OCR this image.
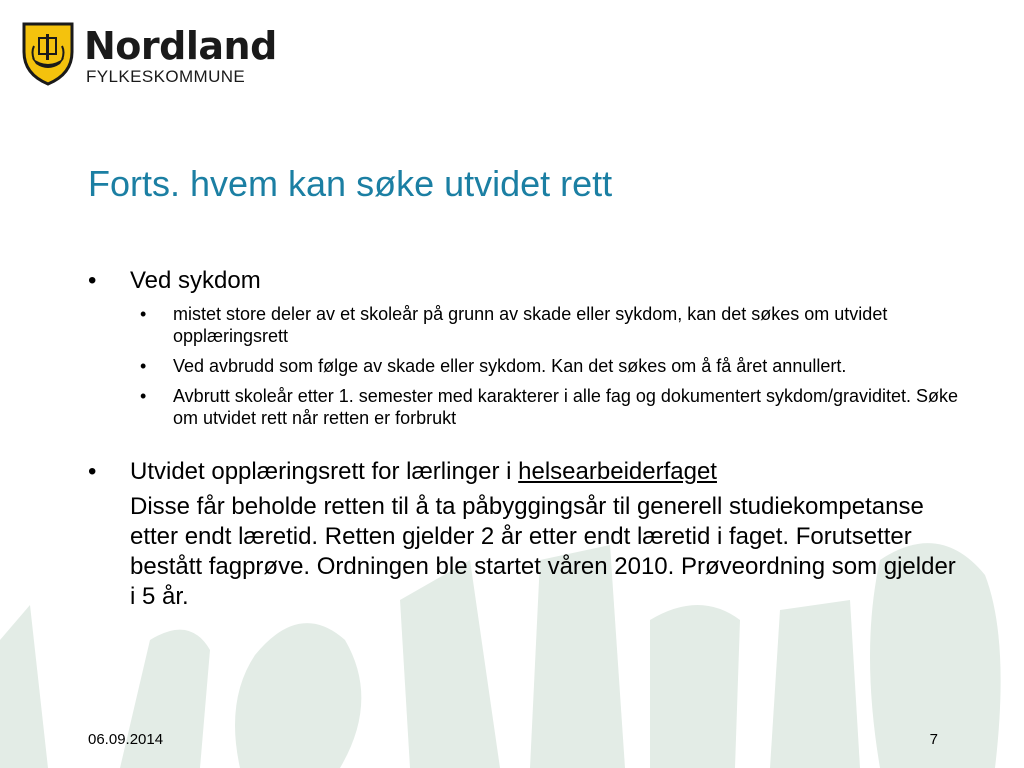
Nordland
FYLKESKOMMUNE
Forts. hvem kan søke utvidet rett
• Ved sykdom
• mistet store deler av et skoleår på grunn av skade eller sykdom, kan det søkes om utvidet opplæringsrett
• Ved avbrudd som følge av skade eller sykdom. Kan det søkes om å få året annullert.
• Avbrutt skoleår etter 1. semester med karakterer i alle fag og dokumentert sykdom/graviditet. Søke om utvidet rett når retten er forbrukt
• Utvidet opplæringsrett for lærlinger i helsearbeiderfaget
Disse får beholde retten til å ta påbyggingsår til generell studiekompetanse etter endt læretid. Retten gjelder 2 år etter endt læretid i faget. Forutsetter bestått fagprøve. Ordningen ble startet våren 2010. Prøveordning som gjelder i 5 år.
06.09.2014	7
